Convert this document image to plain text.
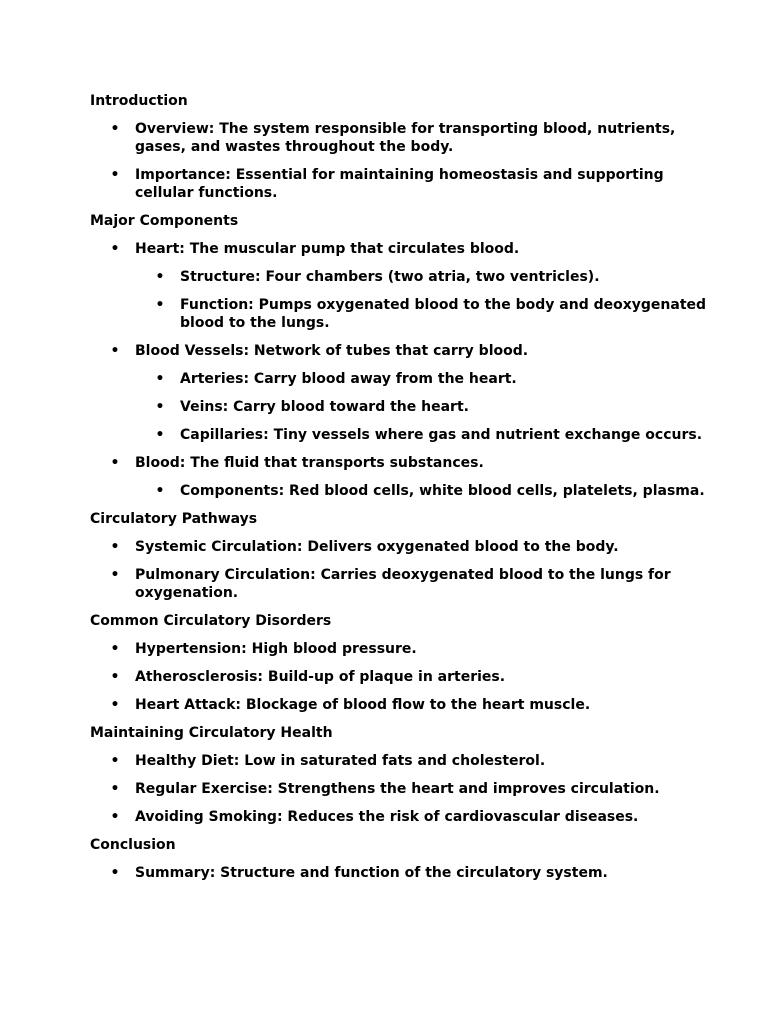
Introduction
• Overview: The system responsible for transporting blood, nutrients, gases, and wastes throughout the body.
• Importance: Essential for maintaining homeostasis and supporting cellular functions.
Major Components
• Heart: The muscular pump that circulates blood.
• Structure: Four chambers (two atria, two ventricles).
• Function: Pumps oxygenated blood to the body and deoxygenated blood to the lungs.
• Blood Vessels: Network of tubes that carry blood.
• Arteries: Carry blood away from the heart.
• Veins: Carry blood toward the heart.
• Capillaries: Tiny vessels where gas and nutrient exchange occurs.
• Blood: The fluid that transports substances.
• Components: Red blood cells, white blood cells, platelets, plasma.
Circulatory Pathways
• Systemic Circulation: Delivers oxygenated blood to the body.
• Pulmonary Circulation: Carries deoxygenated blood to the lungs for oxygenation.
Common Circulatory Disorders
• Hypertension: High blood pressure.
• Atherosclerosis: Build-up of plaque in arteries.
• Heart Attack: Blockage of blood flow to the heart muscle.
Maintaining Circulatory Health
• Healthy Diet: Low in saturated fats and cholesterol.
• Regular Exercise: Strengthens the heart and improves circulation.
• Avoiding Smoking: Reduces the risk of cardiovascular diseases.
Conclusion
• Summary: Structure and function of the circulatory system.
